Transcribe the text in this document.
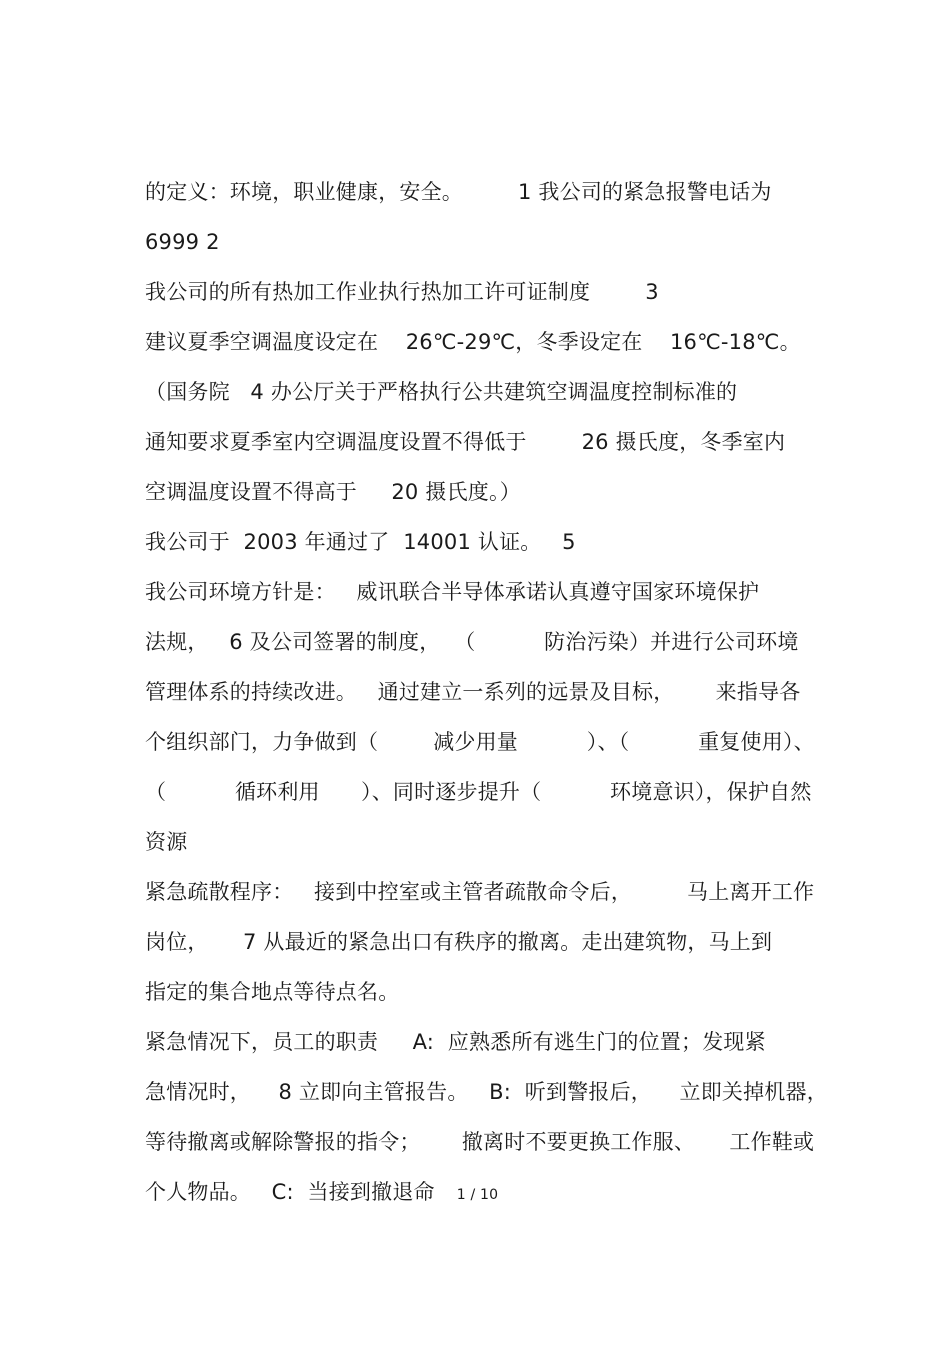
的定义：环境，职业健康，安全。        1 我公司的紧急报警电话为
6999 2
我公司的所有热加工作业执行热加工许可证制度        3
建议夏季空调温度设定在    26℃-29℃，冬季设定在    16℃-18℃。
（国务院   4 办公厅关于严格执行公共建筑空调温度控制标准的
通知要求夏季室内空调温度设置不得低于        26 摄氏度，冬季室内
空调温度设置不得高于     20 摄氏度。）
我公司于  2003 年通过了  14001 认证。   5
我公司环境方针是：   威讯联合半导体承诺认真遵守国家环境保护
法规，   6 及公司签署的制度，  （          防治污染）并进行公司环境
管理体系的持续改进。   通过建立一系列的远景及目标，      来指导各
个组织部门，力争做到（        减少用量          ）、（          重复使用）、
（          循环利用      ）、同时逐步提升（          环境意识），保护自然
资源
紧急疏散程序：   接到中控室或主管者疏散命令后，        马上离开工作
岗位，     7 从最近的紧急出口有秩序的撤离。走出建筑物，马上到
指定的集合地点等待点名。
紧急情况下，员工的职责     A:  应熟悉所有逃生门的位置；发现紧
急情况时，    8 立即向主管报告。   B:  听到警报后，    立即关掉机器，
等待撤离或解除警报的指令；      撤离时不要更换工作服、     工作鞋或
个人物品。   C:  当接到撤退命 1 / 10
